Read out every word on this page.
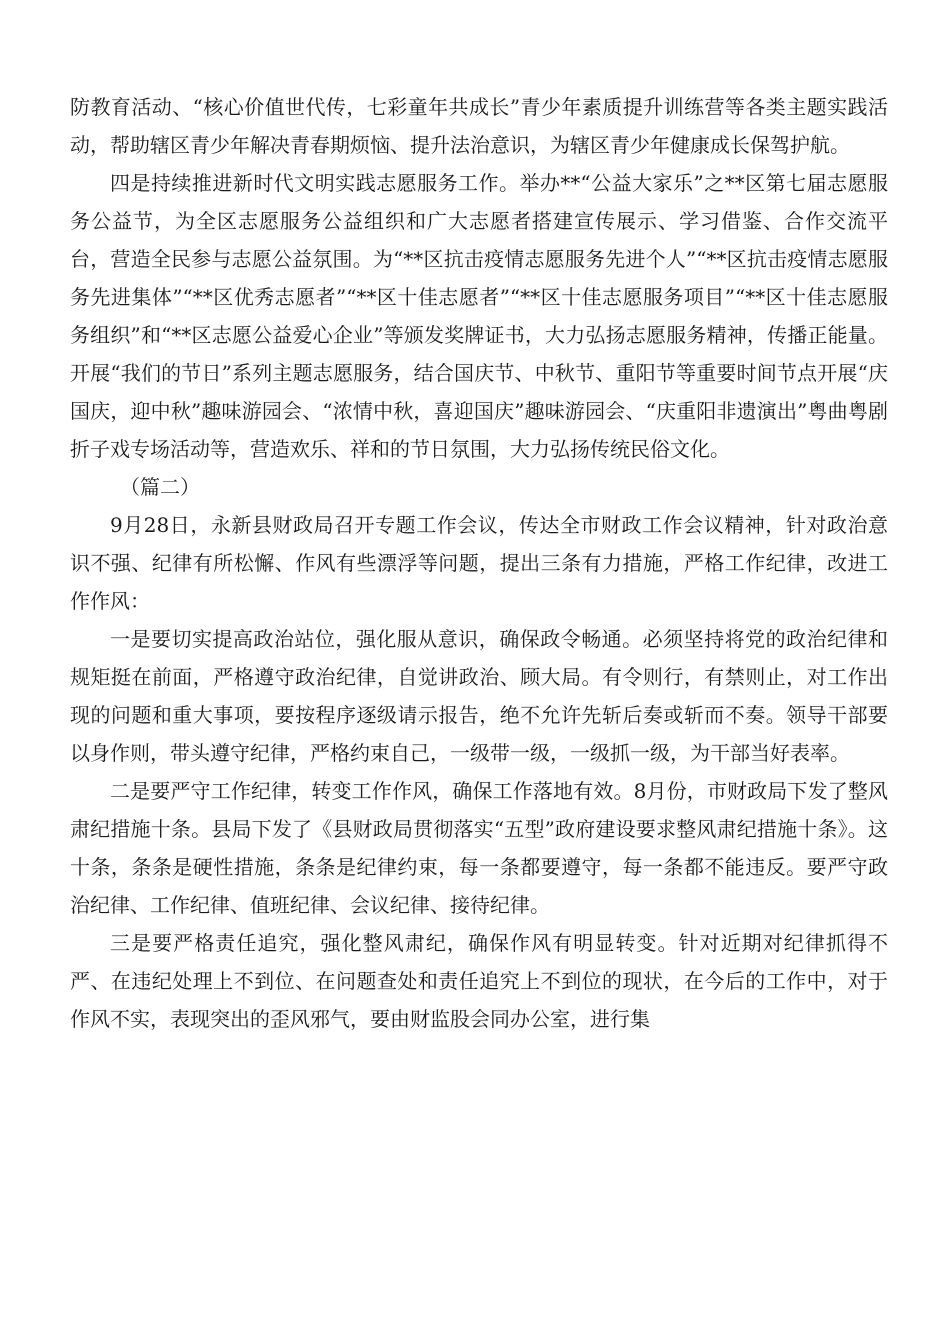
防教育活动、“核心价值世代传，七彩童年共成长”青少年素质提升训练营等各类主题实践活动，帮助辖区青少年解决青春期烦恼、提升法治意识，为辖区青少年健康成长保驾护航。

四是持续推进新时代文明实践志愿服务工作。举办**“公益大家乐”之**区第七届志愿服务公益节，为全区志愿服务公益组织和广大志愿者搭建宣传展示、学习借鉴、合作交流平台，营造全民参与志愿公益氛围。为“**区抗击疫情志愿服务先进个人”“**区抗击疫情志愿服务先进集体”“**区优秀志愿者”“**区十佳志愿者”“**区十佳志愿服务项目”“**区十佳志愿服务组织”和“**区志愿公益爱心企业”等颁发奖牌证书，大力弘扬志愿服务精神，传播正能量。开展“我们的节日”系列主题志愿服务，结合国庆节、中秋节、重阳节等重要时间节点开展“庆国庆，迎中秋”趣味游园会、“浓情中秋，喜迎国庆”趣味游园会、“庆重阳非遗演出”粤曲粤剧折子戏专场活动等，营造欢乐、祥和的节日氛围，大力弘扬传统民俗文化。

（篇二）

9月28日，永新县财政局召开专题工作会议，传达全市财政工作会议精神，针对政治意识不强、纪律有所松懈、作风有些漂浮等问题，提出三条有力措施，严格工作纪律，改进工作作风：

一是要切实提高政治站位，强化服从意识，确保政令畅通。必须坚持将党的政治纪律和规矩挺在前面，严格遵守政治纪律，自觉讲政治、顾大局。有令则行，有禁则止，对工作出现的问题和重大事项，要按程序逐级请示报告，绝不允许先斩后奏或斩而不奏。领导干部要以身作则，带头遵守纪律，严格约束自己，一级带一级，一级抓一级，为干部当好表率。

二是要严守工作纪律，转变工作作风，确保工作落地有效。8月份，市财政局下发了整风肃纪措施十条。县局下发了《县财政局贯彻落实“五型”政府建设要求整风肃纪措施十条》。这十条，条条是硬性措施，条条是纪律约束，每一条都要遵守，每一条都不能违反。要严守政治纪律、工作纪律、值班纪律、会议纪律、接待纪律。

三是要严格责任追究，强化整风肃纪，确保作风有明显转变。针对近期对纪律抓得不严、在违纪处理上不到位、在问题查处和责任追究上不到位的现状，在今后的工作中，对于作风不实，表现突出的歪风邪气，要由财监股会同办公室，进行集
